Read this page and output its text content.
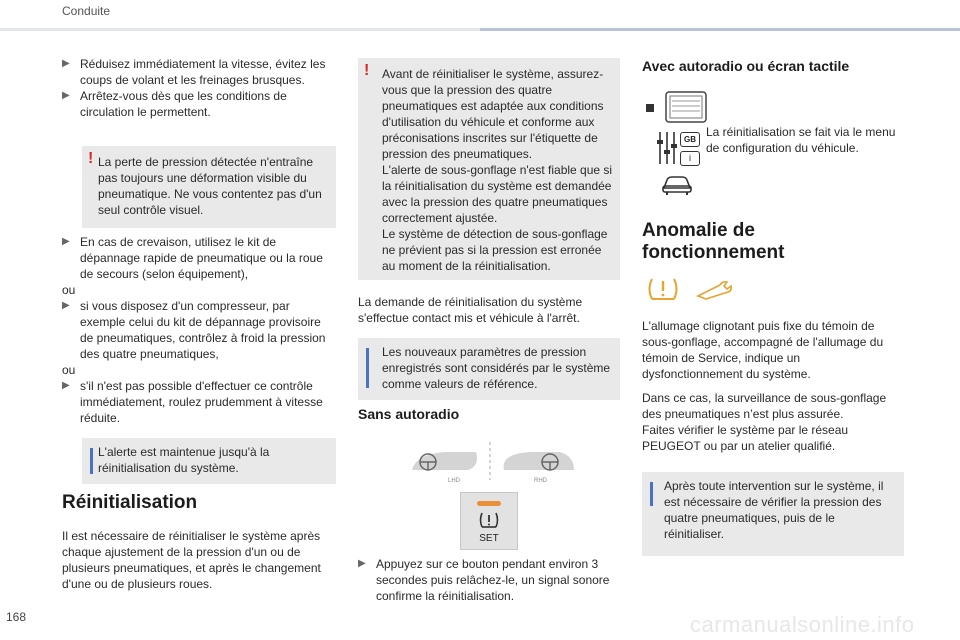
Conduite

▶ Réduisez immédiatement la vitesse, évitez les coups de volant et les freinages brusques.

▶ Arrêtez-vous dès que les conditions de circulation le permettent.

! La perte de pression détectée n'entraîne pas toujours une déformation visible du pneumatique. Ne vous contentez pas d'un seul contrôle visuel.

▶ En cas de crevaison, utilisez le kit de dépannage rapide de pneumatique ou la roue de secours (selon équipement),

ou

▶ si vous disposez d'un compresseur, par exemple celui du kit de dépannage provisoire de pneumatiques, contrôlez à froid la pression des quatre pneumatiques,

ou

▶ s'il n'est pas possible d'effectuer ce contrôle immédiatement, roulez prudemment à vitesse réduite.

L'alerte est maintenue jusqu'à la réinitialisation du système.

Réinitialisation

Il est nécessaire de réinitialiser le système après chaque ajustement de la pression d'un ou de plusieurs pneumatiques, et après le changement d'une ou de plusieurs roues.

! Avant de réinitialiser le système, assurez-vous que la pression des quatre pneumatiques est adaptée aux conditions d'utilisation du véhicule et conforme aux préconisations inscrites sur l'étiquette de pression des pneumatiques.
L'alerte de sous-gonflage n'est fiable que si la réinitialisation du système est demandée avec la pression des quatre pneumatiques correctement ajustée.
Le système de détection de sous-gonflage ne prévient pas si la pression est erronée au moment de la réinitialisation.

La demande de réinitialisation du système s'effectue contact mis et véhicule à l'arrêt.

Les nouveaux paramètres de pression enregistrés sont considérés par le système comme valeurs de référence.

Sans autoradio
LHD	RHD
SET

▶ Appuyez sur ce bouton pendant environ 3 secondes puis relâchez-le, un signal sonore confirme la réinitialisation.

Avec autoradio ou écran tactile
GB
i

La réinitialisation se fait via le menu de configuration du véhicule.

Anomalie de
fonctionnement

L'allumage clignotant puis fixe du témoin de sous-gonflage, accompagné de l'allumage du témoin de Service, indique un dysfonctionnement du système.

Dans ce cas, la surveillance de sous-gonflage des pneumatiques n’est plus assurée.
Faites vérifier le système par le réseau PEUGEOT ou par un atelier qualifié.

Après toute intervention sur le système, il est nécessaire de vérifier la pression des quatre pneumatiques, puis de le réinitialiser.

168	carmanualsonline.info
